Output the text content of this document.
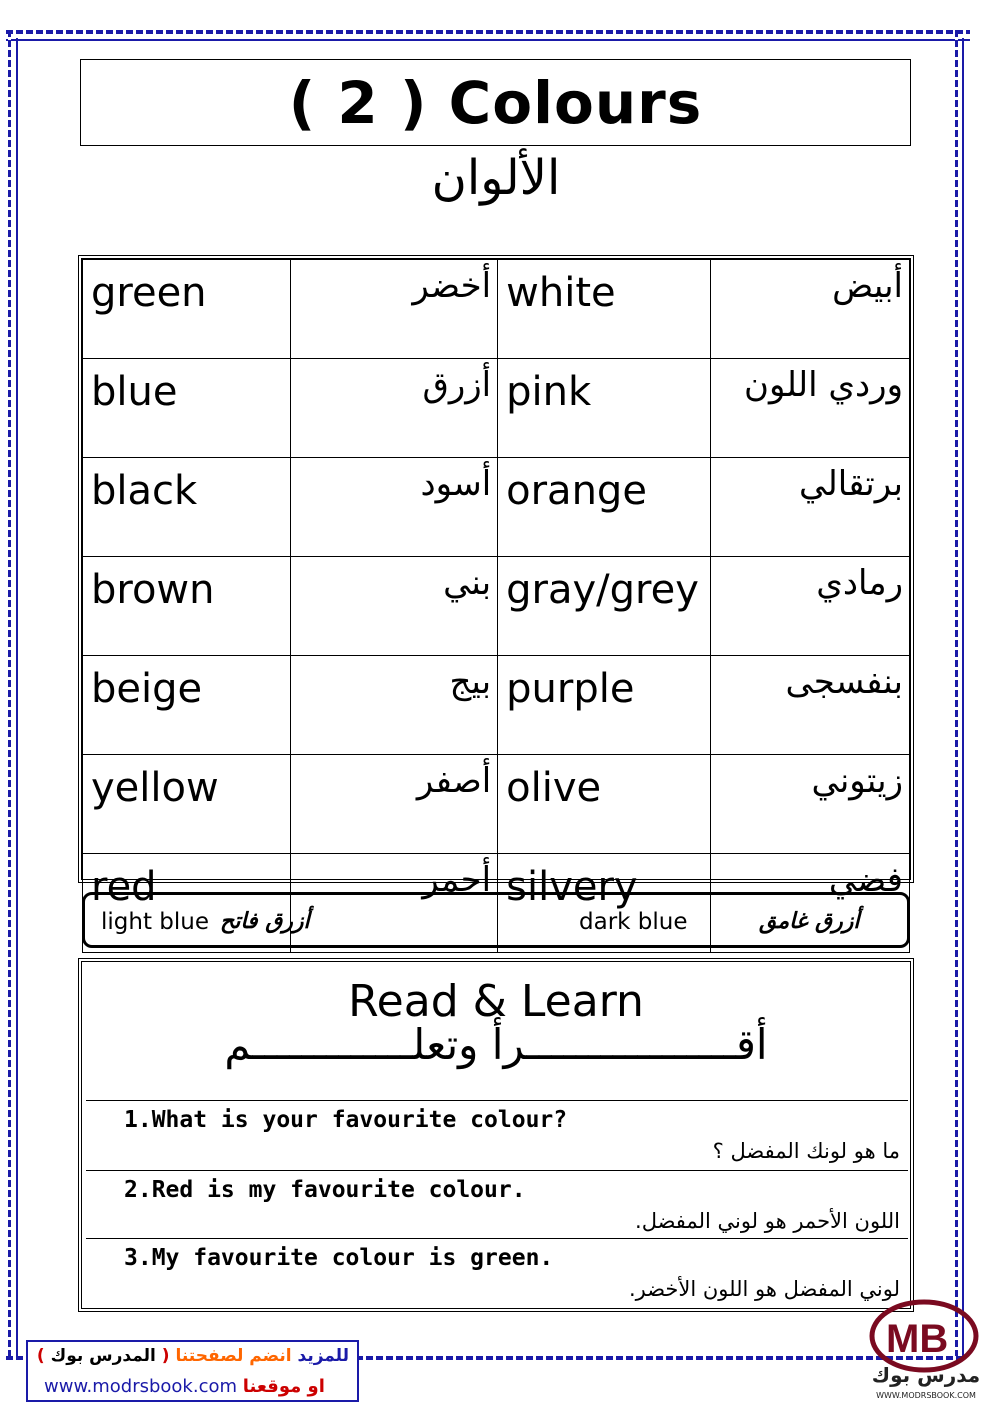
( 2 ) Colours
الألوان
green	أخضر	white	أبيض
blue	أزرق	pink	وردي اللون
black	أسود	orange	برتقالي
brown	بني	gray/grey	رمادي
beige	بيج	purple	بنفسجى
yellow	أصفر	olive	زيتوني
red	أحمر	silvery	فضي
light blue أزرق فاتح	dark blue	أزرق غامق
Read & Learn
أقـــــــــــــــــرأ وتعلـــــــــــــم
1.What is your favourite colour?
ما هو لونك المفضل ؟
2.Red is my favourite colour.
اللون الأحمر هو لوني المفضل.
3.My favourite colour is green.
لوني المفضل هو اللون الأخضر.
للمزيد انضم لصفحتنا ( المدرس بوك )
www.modrsbook.com او موقعنا
MB
مدرس بوك
WWW.MODRSBOOK.COM
